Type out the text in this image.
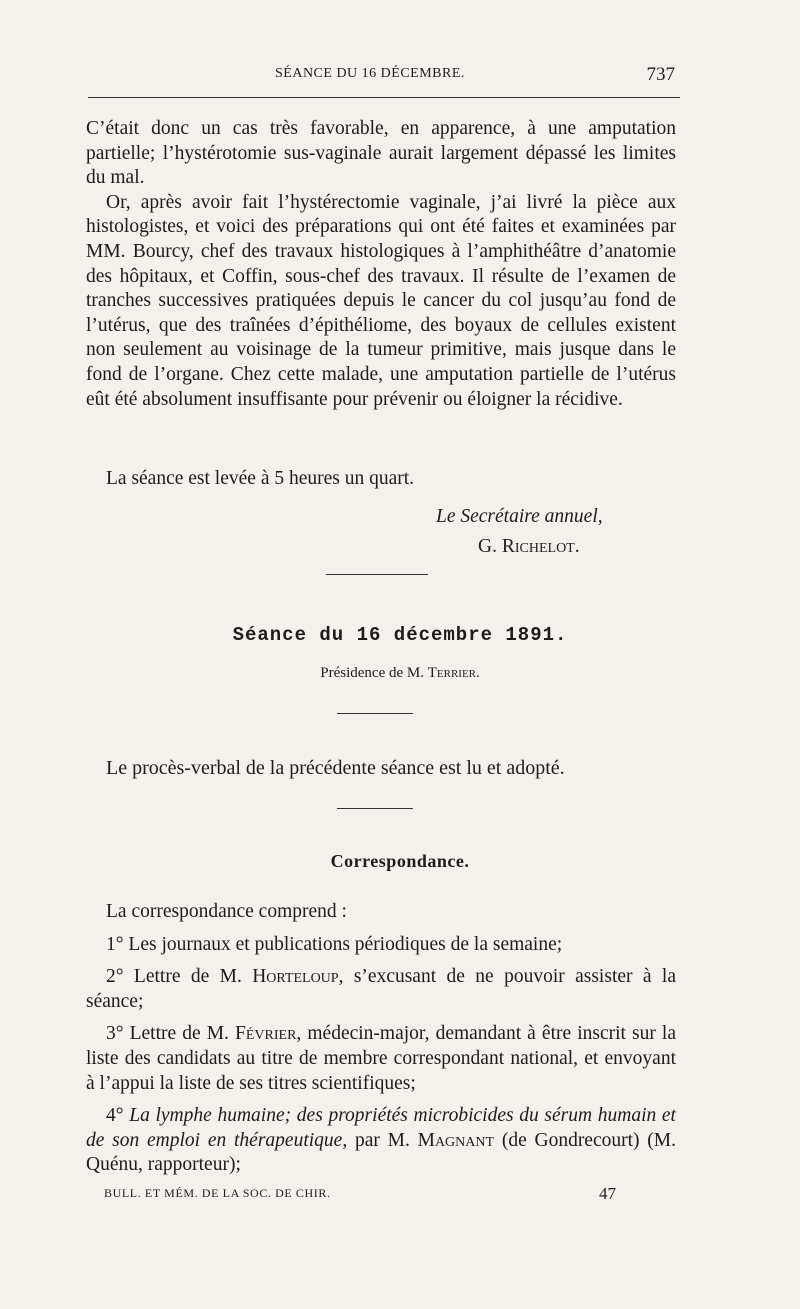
SÉANCE DU 16 DÉCEMBRE.	737

C’était donc un cas très favorable, en apparence, à une amputation partielle; l’hystérotomie sus-vaginale aurait largement dépassé les limites du mal.

Or, après avoir fait l’hystérectomie vaginale, j’ai livré la pièce aux histologistes, et voici des préparations qui ont été faites et examinées par MM. Bourcy, chef des travaux histologiques à l’amphithéâtre d’anatomie des hôpitaux, et Coffin, sous-chef des travaux. Il résulte de l’examen de tranches successives pratiquées depuis le cancer du col jusqu’au fond de l’utérus, que des traînées d’épithéliome, des boyaux de cellules existent non seulement au voisinage de la tumeur primitive, mais jusque dans le fond de l’organe. Chez cette malade, une amputation partielle de l’utérus eût été absolument insuffisante pour prévenir ou éloigner la récidive.

La séance est levée à 5 heures un quart.
Le Secrétaire annuel,
G. Richelot.
Séance du 16 décembre 1891.
Présidence de M. Terrier.
Le procès-verbal de la précédente séance est lu et adopté.
Correspondance.

La correspondance comprend :

1° Les journaux et publications périodiques de la semaine;

2° Lettre de M. Horteloup, s’excusant de ne pouvoir assister à la séance;

3° Lettre de M. Février, médecin-major, demandant à être inscrit sur la liste des candidats au titre de membre correspondant national, et envoyant à l’appui la liste de ses titres scientifiques;

4° La lymphe humaine; des propriétés microbicides du sérum humain et de son emploi en thérapeutique, par M. Magnant (de Gondrecourt) (M. Quénu, rapporteur);

BULL. ET MÉM. DE LA SOC. DE CHIR.	47
